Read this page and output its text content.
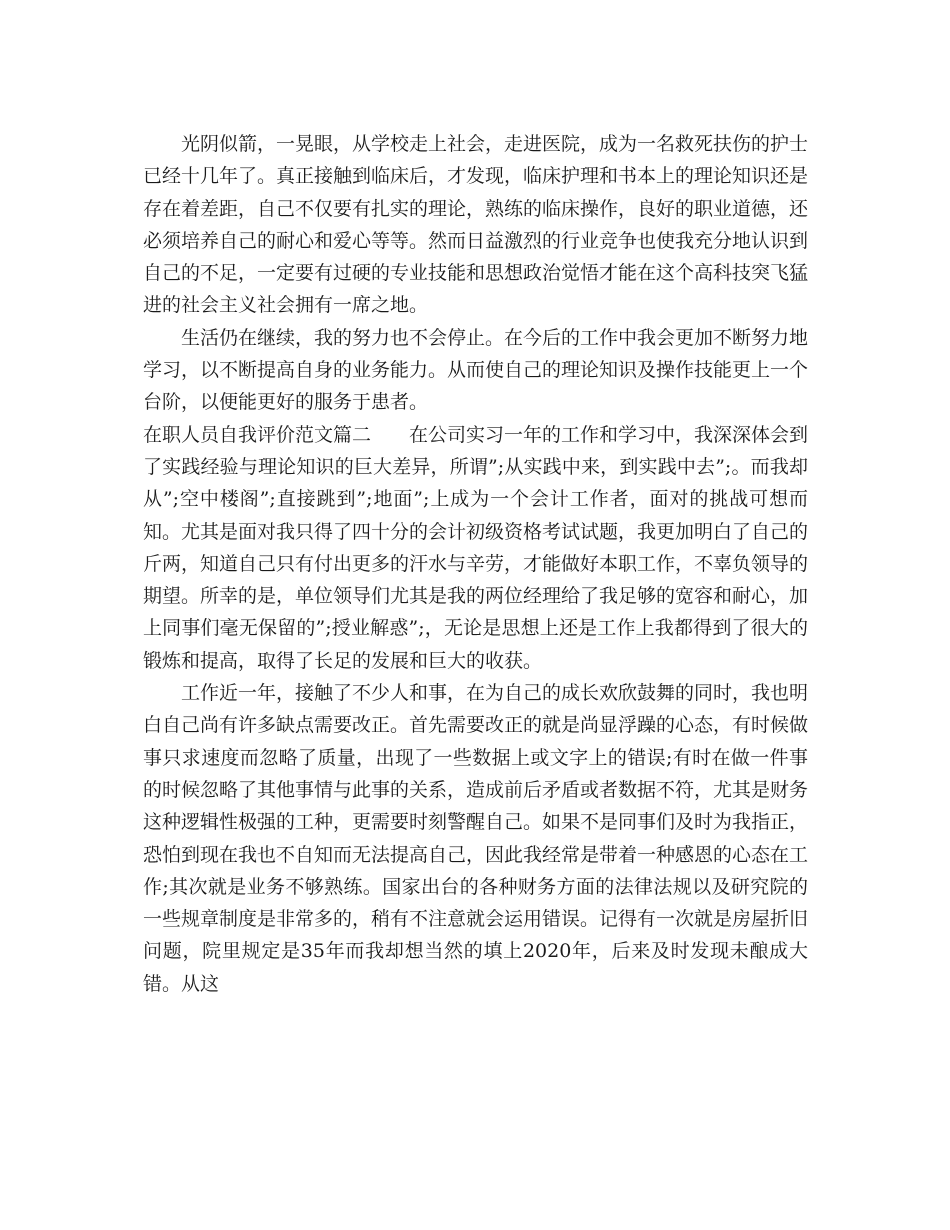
光阴似箭，一晃眼，从学校走上社会，走进医院，成为一名救死扶伤的护士已经十几年了。真正接触到临床后，才发现，临床护理和书本上的理论知识还是存在着差距，自己不仅要有扎实的理论，熟练的临床操作，良好的职业道德，还必须培养自己的耐心和爱心等等。然而日益激烈的行业竞争也使我充分地认识到自己的不足，一定要有过硬的专业技能和思想政治觉悟才能在这个高科技突飞猛进的社会主义社会拥有一席之地。

生活仍在继续，我的努力也不会停止。在今后的工作中我会更加不断努力地学习，以不断提高自身的业务能力。从而使自己的理论知识及操作技能更上一个台阶，以便能更好的服务于患者。

在职人员自我评价范文篇二　　在公司实习一年的工作和学习中，我深深体会到了实践经验与理论知识的巨大差异，所谓”;从实践中来，到实践中去”;。而我却从”;空中楼阁”;直接跳到”;地面”;上成为一个会计工作者，面对的挑战可想而知。尤其是面对我只得了四十分的会计初级资格考试试题，我更加明白了自己的斤两，知道自己只有付出更多的汗水与辛劳，才能做好本职工作，不辜负领导的期望。所幸的是，单位领导们尤其是我的两位经理给了我足够的宽容和耐心，加上同事们毫无保留的”;授业解惑”;，无论是思想上还是工作上我都得到了很大的锻炼和提高，取得了长足的发展和巨大的收获。

工作近一年，接触了不少人和事，在为自己的成长欢欣鼓舞的同时，我也明白自己尚有许多缺点需要改正。首先需要改正的就是尚显浮躁的心态，有时候做事只求速度而忽略了质量，出现了一些数据上或文字上的错误;有时在做一件事的时候忽略了其他事情与此事的关系，造成前后矛盾或者数据不符，尤其是财务这种逻辑性极强的工种，更需要时刻警醒自己。如果不是同事们及时为我指正，恐怕到现在我也不自知而无法提高自己，因此我经常是带着一种感恩的心态在工作;其次就是业务不够熟练。国家出台的各种财务方面的法律法规以及研究院的一些规章制度是非常多的，稍有不注意就会运用错误。记得有一次就是房屋折旧问题，院里规定是35年而我却想当然的填上2020年，后来及时发现未酿成大错。从这
